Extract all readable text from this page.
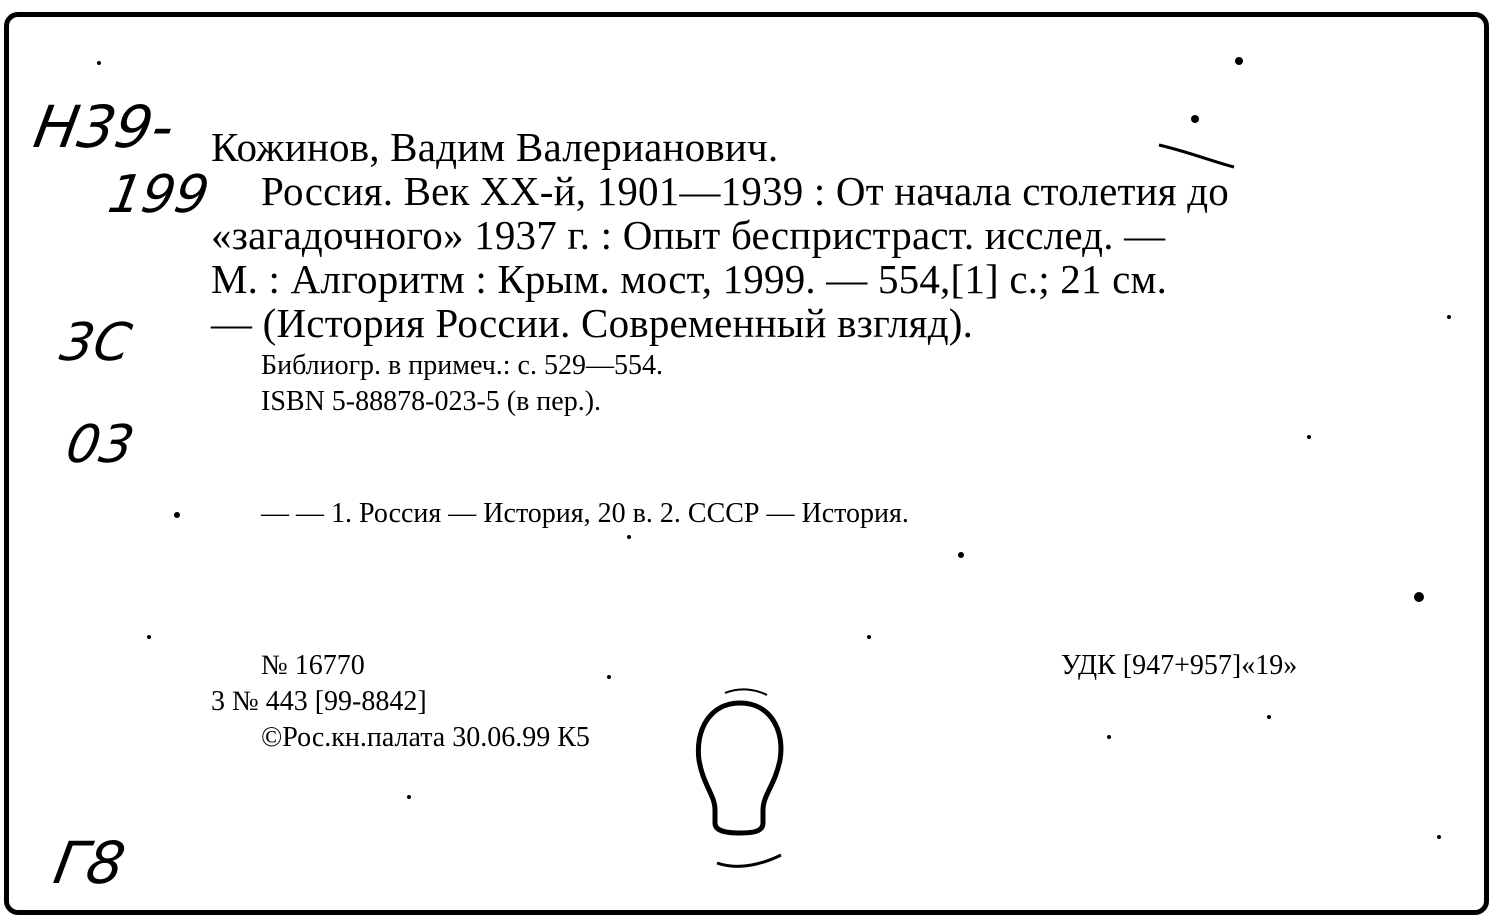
Н39-
199
3С
03
Г8

Кожинов, Вадим Валерианович.

Россия. Век XX-й, 1901—1939 : От начала столетия до

«загадочного» 1937 г. : Опыт беспристраст. исслед. —

М. : Алгоритм : Крым. мост, 1999. — 554,[1] с.; 21 см.

— (История России. Современный взгляд).

Библиогр. в примеч.: с. 529—554.

ISBN 5-88878-023-5 (в пер.).

— — 1. Россия — История, 20 в. 2. СССР — История.

№ 16770

3 № 443 [99-8842]

©Рос.кн.палата 30.06.99 К5

УДК [947+957]«19»
